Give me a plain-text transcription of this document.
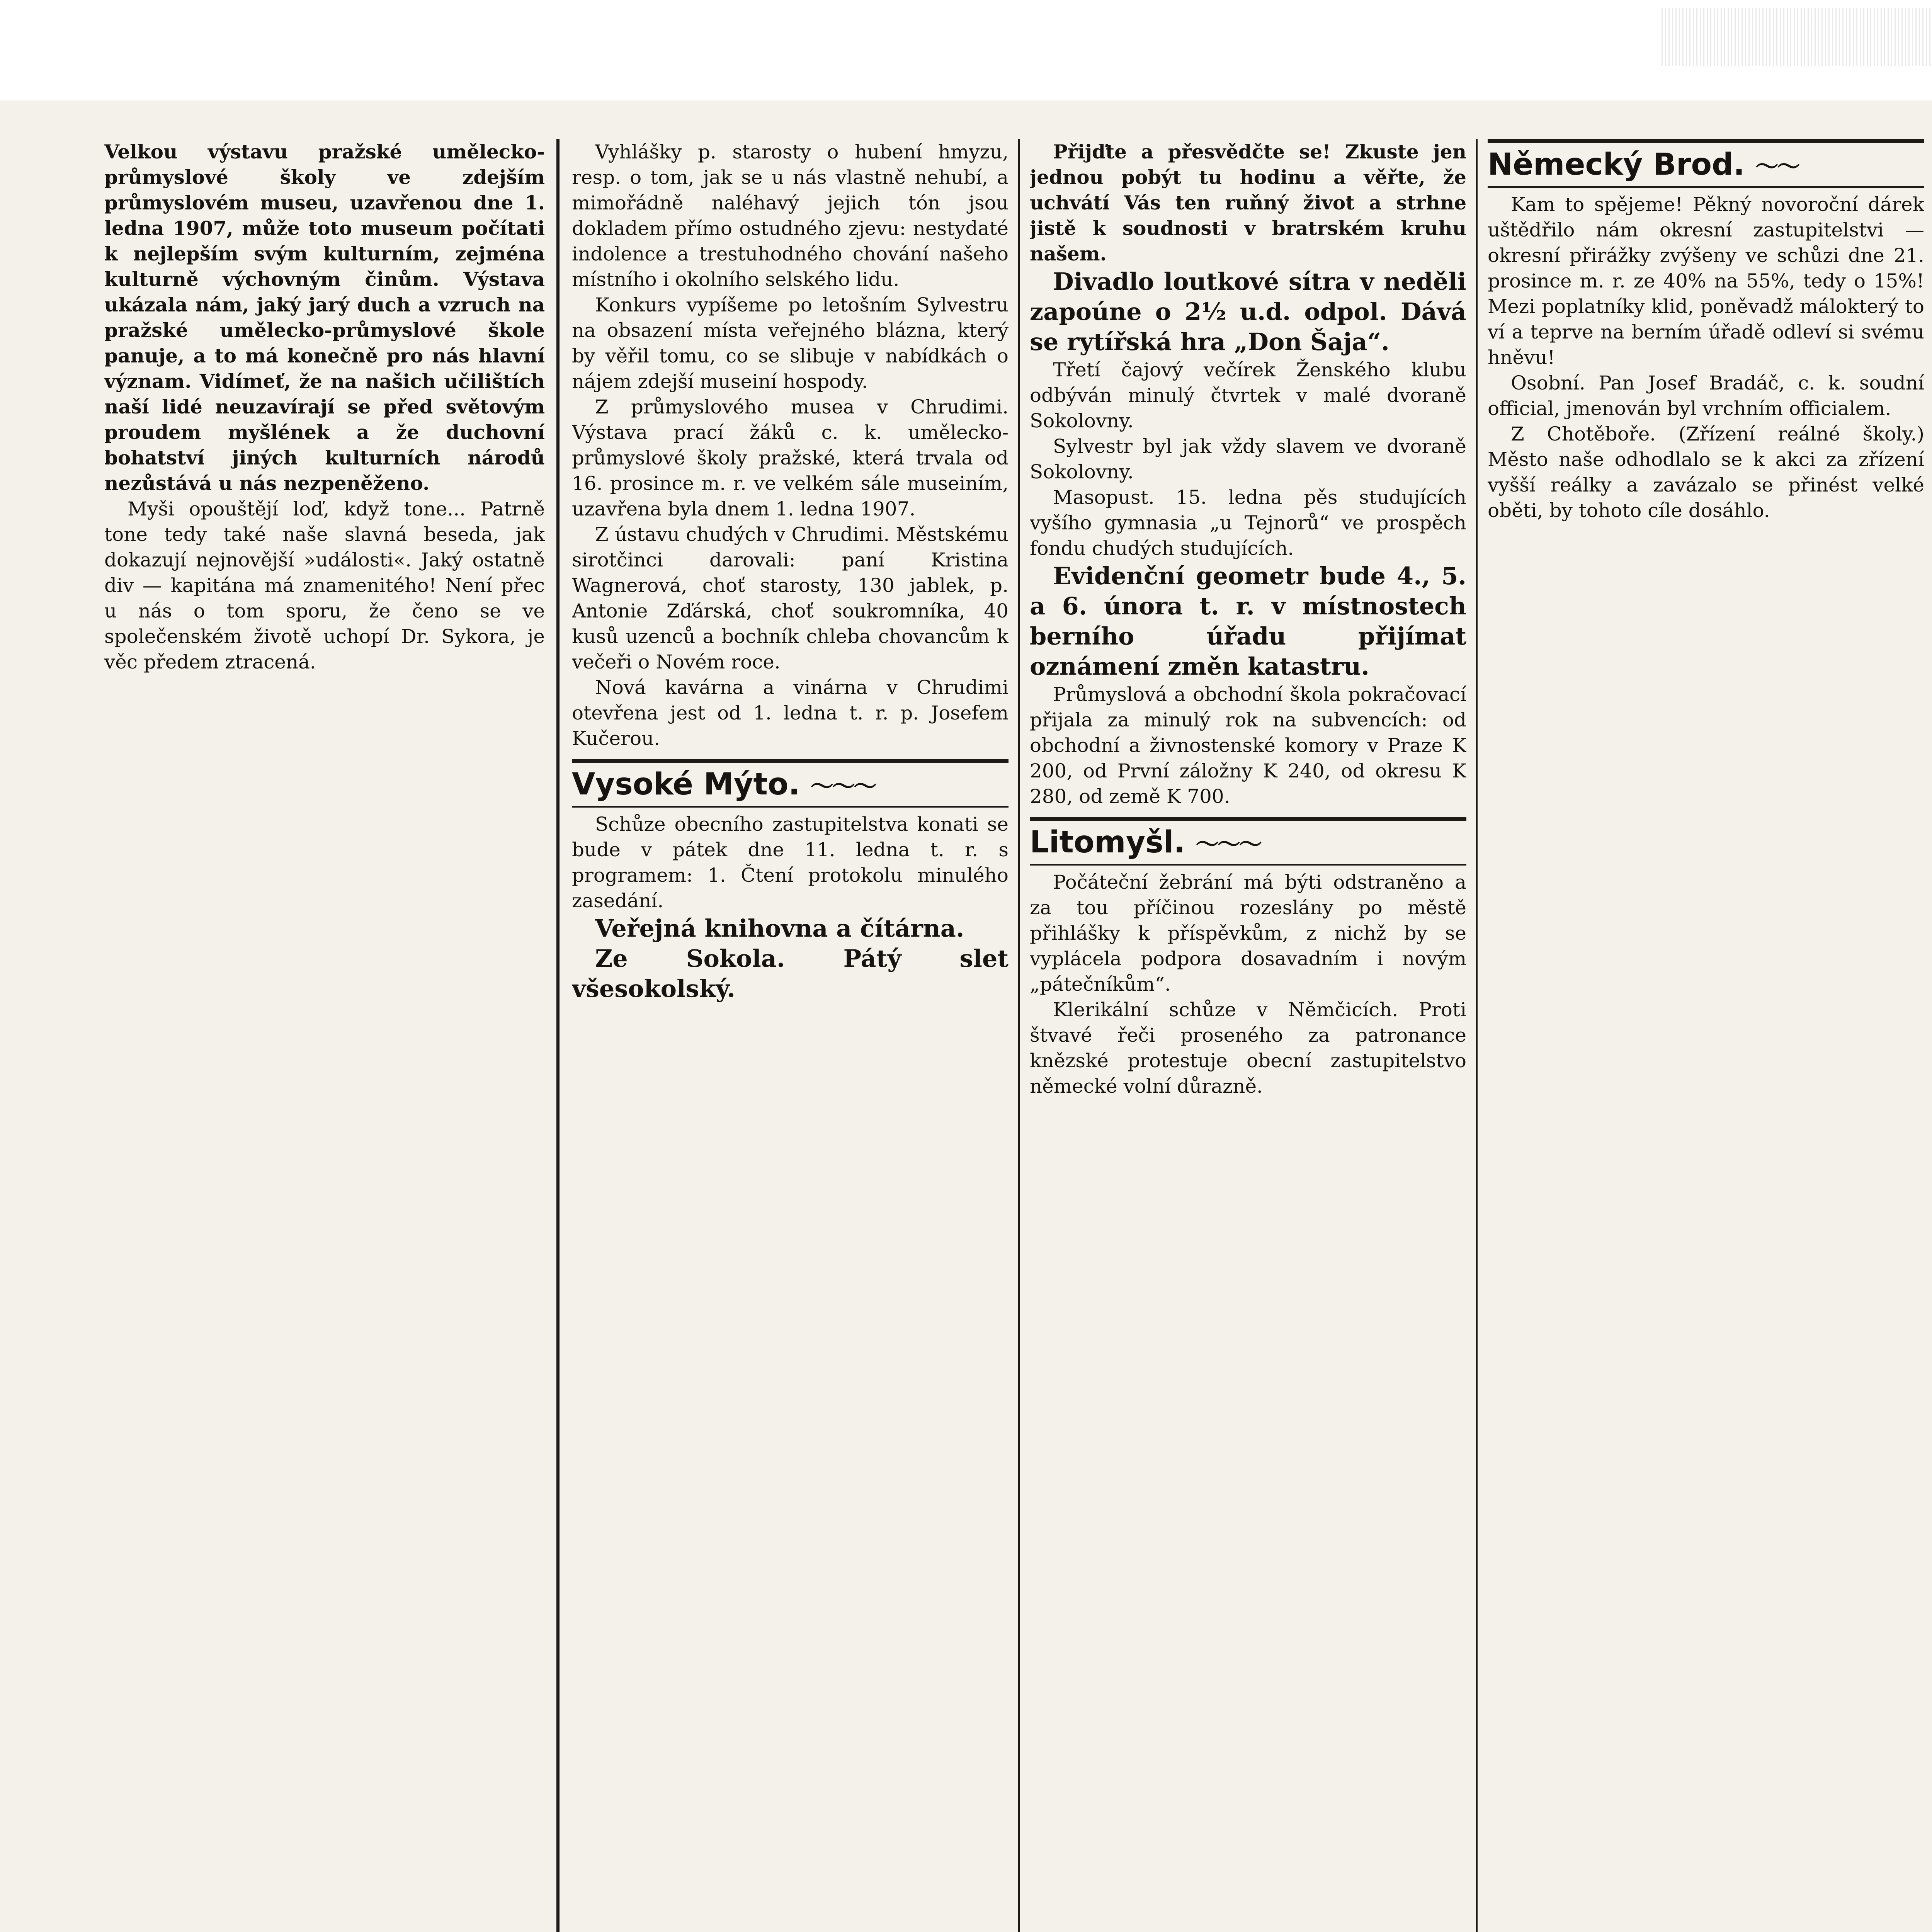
Velkou výstavu pražské umělecko-průmyslové školy ve zdejším průmyslovém museu, uzavřenou dne 1. ledna 1907, může toto museum počítati k nejlepším svým kulturním, zejména kulturně výchovným činům. Výstava ukázala nám, jaký jarý duch a vzruch na pražské umělecko-průmyslové škole panuje, a to má konečně pro nás hlavní význam. Vidímeť, že na našich učilištích naší lidé neuzavírají se před světovým proudem myšlének a že duchovní bohatství jiných kulturních národů nezůstává u nás nezpeněženo.

Myši opouštějí loď, když tone... Patrně tone tedy také naše slavná beseda, jak dokazují nejnovější »události«. Jaký ostatně div — kapitána má znamenitého! Není přec u nás o tom sporu, že čeno se ve společenském životě uchopí Dr. Sykora, je věc předem ztracená.

Vyhlášky p. starosty o hubení hmyzu, resp. o tom, jak se u nás vlastně nehubí, a mimořádně naléhavý jejich tón jsou dokladem přímo ostudného zjevu: nestydaté indolence a trestuhodného chování našeho místního i okolního selského lidu.

Konkurs vypíšeme po letošním Sylvestru na obsazení místa veřejného blázna, který by věřil tomu, co se slibuje v nabídkách o nájem zdejší museiní hospody.

Z průmyslového musea v Chrudimi. Výstava prací žáků c. k. umělecko-průmyslové školy pražské, která trvala od 16. prosince m. r. ve velkém sále museiním, uzavřena byla dnem 1. ledna 1907.

Z ústavu chudých v Chrudimi. Městskému sirotčinci darovali: paní Kristina Wagnerová, choť starosty, 130 jablek, p. Antonie Zďárská, choť soukromníka, 40 kusů uzenců a bochník chleba chovancům k večeři o Novém roce.

Nová kavárna a vinárna v Chrudimi otevřena jest od 1. ledna t. r. p. Josefem Kučerou.

Vysoké Mýto. 〜〜〜

Schůze obecního zastupitelstva konati se bude v pátek dne 11. ledna t. r. s programem: 1. Čtení protokolu minulého zasedání.

Veřejná knihovna a čítárna.

Ze Sokola. Pátý slet všesokolský.

Přijďte a přesvědčte se! Zkuste jen jednou pobýt tu hodinu a věřte, že uchvátí Vás ten ruňný život a strhne jistě k soudnosti v bratrském kruhu našem.

Divadlo loutkové sítra v neděli zapoúne o 2½ u.d. odpol. Dává se rytířská hra „Don Šaja“.

Třetí čajový večírek Ženského klubu odbýván minulý čtvrtek v malé dvoraně Sokolovny.

Sylvestr byl jak vždy slavem ve dvoraně Sokolovny.

Masopust. 15. ledna pěs studujících vyšího gymnasia „u Tejnorů“ ve prospěch fondu chudých studujících.

Evidenční geometr bude 4., 5. a 6. února t. r. v místnostech berního úřadu přijímat oznámení změn katastru.

Průmyslová a obchodní škola pokračovací přijala za minulý rok na subvencích: od obchodní a živnostenské komory v Praze K 200, od První záložny K 240, od okresu K 280, od země K 700.

Litomyšl. 〜〜〜

Počáteční žebrání má býti odstraněno a za tou příčinou rozeslány po městě přihlášky k příspěvkům, z nichž by se vyplácela podpora dosavadním i novým „pátečníkům“.

Klerikální schůze v Němčicích. Proti štvavé řeči proseného za patronance knězské protestuje obecní zastupitelstvo německé volní důrazně.

Německý Brod. 〜〜

Kam to spějeme! Pěkný novoroční dárek uštědřilo nám okresní zastupitelstvi — okresní přirážky zvýšeny ve schůzi dne 21. prosince m. r. ze 40% na 55%, tedy o 15%! Mezi poplatníky klid, poněvadž málokterý to ví a teprve na berním úřadě odleví si svému hněvu!

Osobní. Pan Josef Bradáč, c. k. soudní official, jmenován byl vrchním officialem.

Z Chotěboře. (Zřízení reálné školy.) Město naše odhodlalo se k akci za zřízení vyšší reálky a zavázalo se přinést velké oběti, by tohoto cíle dosáhlo.
